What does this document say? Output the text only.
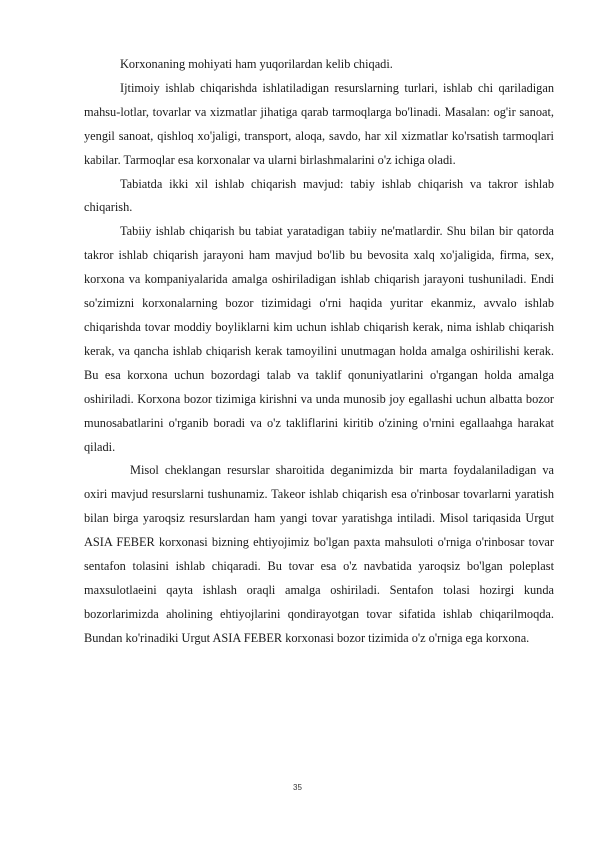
Korxonaning mohiyati ham yuqorilardan kelib chiqadi.

Ijtimoiy ishlab chiqarishda ishlatiladigan resurslarning turlari, ishlab chi qariladigan mahsu-lotlar, tovarlar va xizmatlar jihatiga qarab tarmoqlarga bo'linadi. Masalan: og'ir sanoat, yengil sanoat, qishloq xo'jaligi, transport, aloqa, savdo, har xil xizmatlar ko'rsatish tarmoqlari kabilar. Tarmoqlar esa korxonalar va ularni birlashmalarini o'z ichiga oladi.

Tabiatda ikki xil ishlab chiqarish mavjud: tabiy ishlab chiqarish va takror ishlab chiqarish.

Tabiiy ishlab chiqarish bu tabiat yaratadigan tabiiy ne'matlardir. Shu bilan bir qatorda takror ishlab chiqarish jarayoni ham mavjud bo'lib bu bevosita xalq xo'jaligida, firma, sex, korxona va kompaniyalarida amalga oshiriladigan ishlab chiqarish jarayoni tushuniladi. Endi so'zimizni korxonalarning bozor tizimidagi o'rni haqida yuritar ekanmiz, avvalo ishlab chiqarishda tovar moddiy boyliklarni kim uchun ishlab chiqarish kerak, nima ishlab chiqarish kerak, va qancha ishlab chiqarish kerak tamoyilini unutmagan holda amalga oshirilishi kerak. Bu esa korxona uchun bozordagi talab va taklif qonuniyatlarini o'rgangan holda amalga oshiriladi. Korxona bozor tizimiga kirishni va unda munosib joy egallashi uchun albatta bozor munosabatlarini o'rganib boradi va o'z takliflarini kiritib o'zining o'rnini egallaahga harakat qiladi.

Misol cheklangan resurslar sharoitida deganimizda bir marta foydalaniladigan va oxiri mavjud resurslarni tushunamiz. Takeor ishlab chiqarish esa o'rinbosar tovarlarni yaratish bilan birga yaroqsiz resurslardan ham yangi tovar yaratishga intiladi. Misol tariqasida Urgut ASIA FEBER korxonasi bizning ehtiyojimiz bo'lgan paxta mahsuloti o'rniga o'rinbosar tovar sentafon tolasini ishlab chiqaradi. Bu tovar esa o'z navbatida yaroqsiz bo'lgan poleplast maxsulotlaeini qayta ishlash oraqli amalga oshiriladi. Sentafon tolasi hozirgi kunda bozorlarimizda aholining ehtiyojlarini qondirayotgan tovar sifatida ishlab chiqarilmoqda. Bundan ko'rinadiki Urgut ASIA FEBER korxonasi bozor tizimida o'z o'rniga ega korxona.

35
